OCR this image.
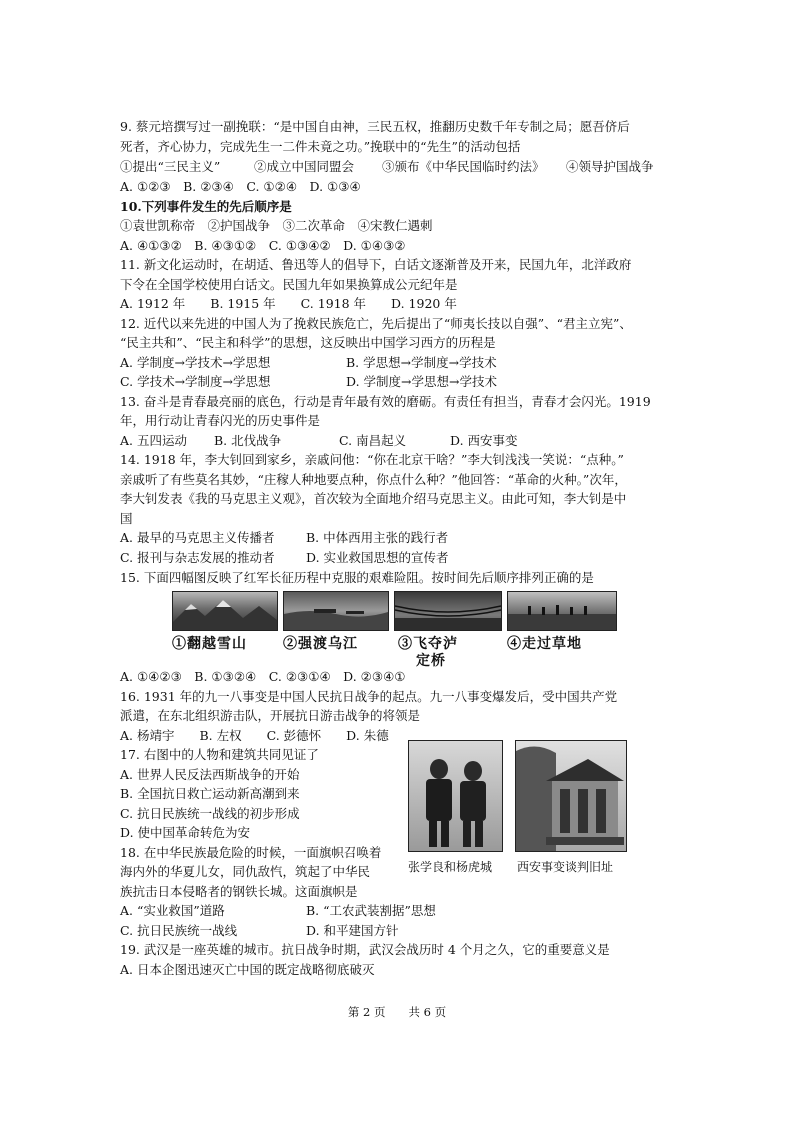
9. 蔡元培撰写过一副挽联：“是中国自由神，三民五权，推翻历史数千年专制之局；愿吾侪后
死者，齐心协力，完成先生一二件未竟之功。”挽联中的“先生”的活动包括
①提出“三民主义”	②成立中国同盟会 ③颁布《中华民国临时约法》 ④领导护国战争
A. ①②③　B. ②③④　C. ①②④　D. ①③④
10.下列事件发生的先后顺序是
①袁世凯称帝　②护国战争　③二次革命　④宋教仁遇刺
A. ④①③②　B. ④③①②　C. ①③④②　D. ①④③②
11. 新文化运动时，在胡适、鲁迅等人的倡导下，白话文逐渐普及开来，民国九年，北洋政府
下令在全国学校使用白话文。民国九年如果换算成公元纪年是
A. 1912 年　　B. 1915 年　　C. 1918 年　　D. 1920 年
12. 近代以来先进的中国人为了挽救民族危亡，先后提出了“师夷长技以自强”、“君主立宪”、
“民主共和”、“民主和科学”的思想，这反映出中国学习西方的历程是
A. 学制度→学技术→学思想	B. 学思想→学制度→学技术
C. 学技术→学制度→学思想	D. 学制度→学思想→学技术
13. 奋斗是青春最亮丽的底色，行动是青年最有效的磨砺。有责任有担当，青春才会闪光。1919
年，用行动让青春闪光的历史事件是
A. 五四运动 B. 北伐战争	C. 南昌起义	D. 西安事变
14. 1918 年，李大钊回到家乡，亲戚问他：“你在北京干啥？”李大钊浅浅一笑说：“点种。”
亲戚听了有些莫名其妙，“庄稼人种地要点种，你点什么种？”他回答：“革命的火种。”次年，
李大钊发表《我的马克思主义观》，首次较为全面地介绍马克思主义。由此可知，李大钊是中
国
A. 最早的马克思主义传播者	B. 中体西用主张的践行者
C. 报刊与杂志发展的推动者	D. 实业救国思想的宣传者
15. 下面四幅图反映了红军长征历程中克服的艰难险阻。按时间先后顺序排列正确的是
①翻越雪山	②强渡乌江	③飞夺泸
定桥
④走过草地
A. ①④②③　B. ①③②④　C. ②③①④　D. ②③④①
16. 1931 年的九一八事变是中国人民抗日战争的起点。九一八事变爆发后，受中国共产党
派遣，在东北组织游击队，开展抗日游击战争的将领是
A. 杨靖宇　　B. 左权　　C. 彭德怀　　D. 朱德
17. 右图中的人物和建筑共同见证了
A. 世界人民反法西斯战争的开始
B. 全国抗日救亡运动新高潮到来
C. 抗日民族统一战线的初步形成
D. 使中国革命转危为安
张学良和杨虎城 西安事变谈判旧址
18. 在中华民族最危险的时候，一面旗帜召唤着
海内外的华夏儿女，同仇敌忾，筑起了中华民
族抗击日本侵略者的钢铁长城。这面旗帜是
A. “实业救国”道路	B. “工农武装割据”思想
C. 抗日民族统一战线	D. 和平建国方针
19. 武汉是一座英雄的城市。抗日战争时期，武汉会战历时 4 个月之久，它的重要意义是
A. 日本企图迅速灭亡中国的既定战略彻底破灭
第 2 页　　共 6 页
